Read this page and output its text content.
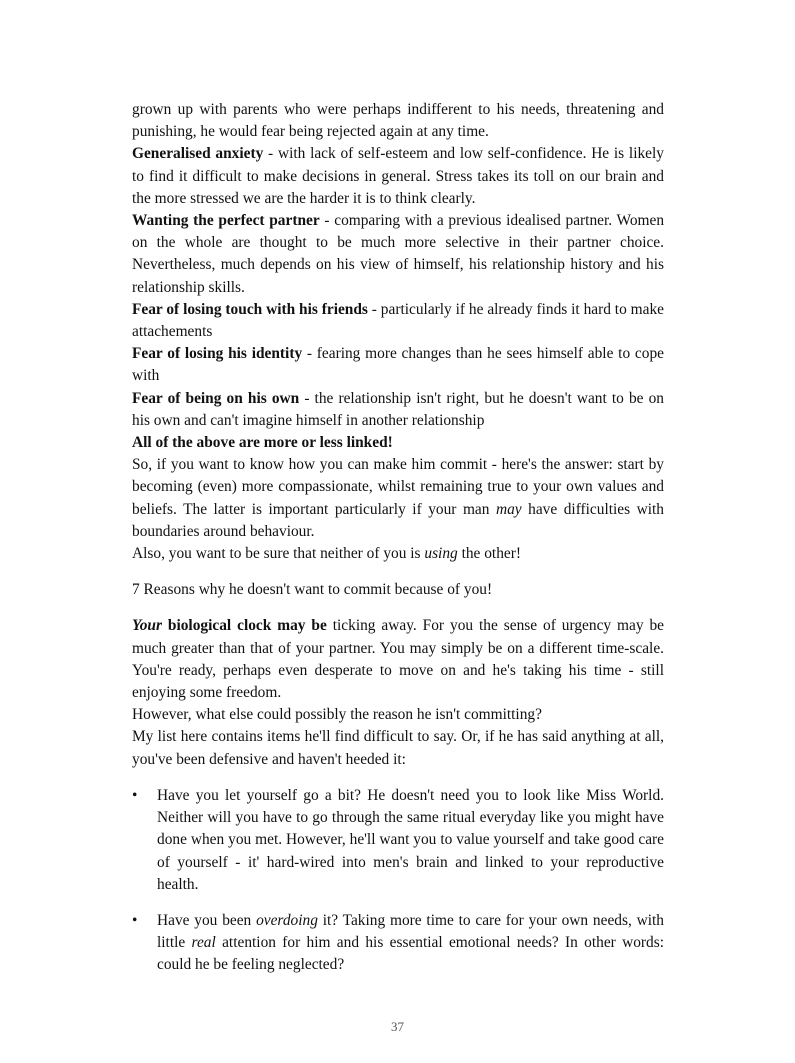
grown up with parents who were perhaps indifferent to his needs, threatening and punishing, he would fear being rejected again at any time.

Generalised anxiety - with lack of self-esteem and low self-confidence. He is likely to find it difficult to make decisions in general. Stress takes its toll on our brain and the more stressed we are the harder it is to think clearly.

Wanting the perfect partner - comparing with a previous idealised partner. Women on the whole are thought to be much more selective in their partner choice. Nevertheless, much depends on his view of himself, his relationship history and his relationship skills.

Fear of losing touch with his friends - particularly if he already finds it hard to make attachements

Fear of losing his identity - fearing more changes than he sees himself able to cope with

Fear of being on his own - the relationship isn't right, but he doesn't want to be on his own and can't imagine himself in another relationship

All of the above are more or less linked!

So, if you want to know how you can make him commit - here's the answer: start by becoming (even) more compassionate, whilst remaining true to your own values and beliefs. The latter is important particularly if your man may have difficulties with boundaries around behaviour.

Also, you want to be sure that neither of you is using the other!

7 Reasons why he doesn't want to commit because of you!

Your biological clock may be ticking away. For you the sense of urgency may be much greater than that of your partner. You may simply be on a different time-scale. You're ready, perhaps even desperate to move on and he's taking his time - still enjoying some freedom.

However, what else could possibly the reason he isn't committing?

My list here contains items he'll find difficult to say. Or, if he has said anything at all, you've been defensive and haven't heeded it:

• Have you let yourself go a bit? He doesn't need you to look like Miss World. Neither will you have to go through the same ritual everyday like you might have done when you met. However, he'll want you to value yourself and take good care of yourself - it' hard-wired into men's brain and linked to your reproductive health.
• Have you been overdoing it? Taking more time to care for your own needs, with little real attention for him and his essential emotional needs? In other words: could he be feeling neglected?
37
